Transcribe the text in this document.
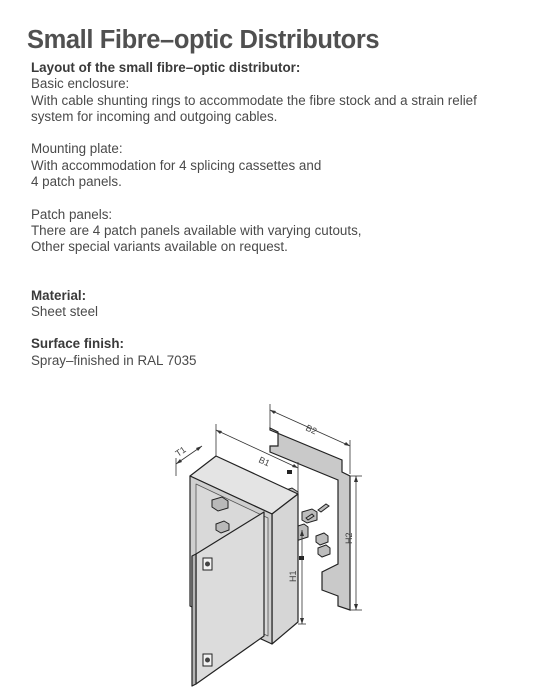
Small Fibre–optic Distributors

Layout of the small fibre–optic distributor:

Basic enclosure:

With cable shunting rings to accommodate the fibre stock and a strain relief

system for incoming and outgoing cables.

Mounting plate:

With accommodation for 4 splicing cassettes and

4 patch panels.

Patch panels:

There are 4 patch panels available with varying cutouts,

Other special variants available on request.

Material:

Sheet steel

Surface finish:

Spray–finished in RAL 7035

B2
B1
T1
H1
H2
